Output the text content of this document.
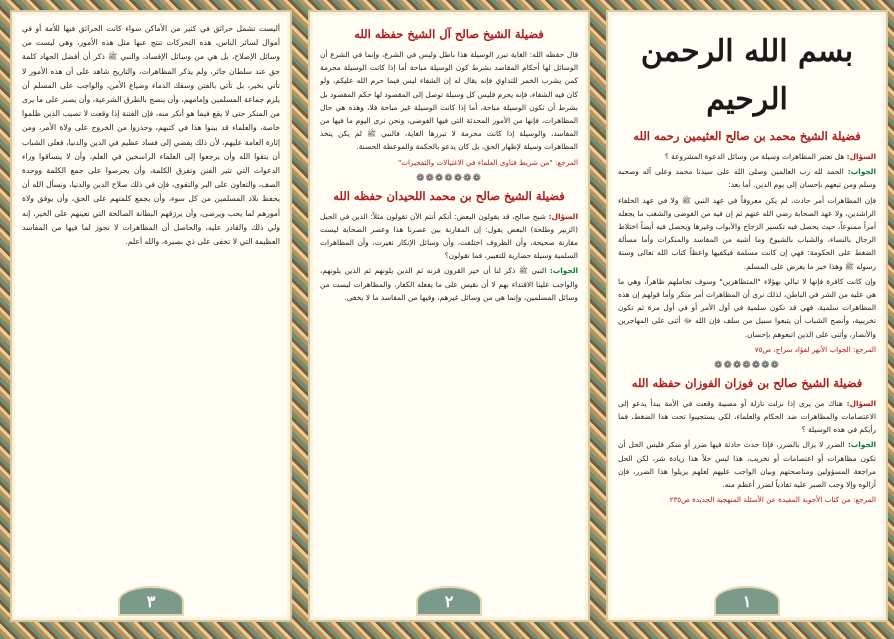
بسم الله الرحمن الرحيم
فضيلة الشيخ محمد بن صالح العثيمين رحمه الله

السؤال: هل تعتبر المظاهرات وسيلة من وسائل الدعوة المشروعة ؟

الجواب: الحمد لله رب العالمين وصلى الله على سيدنا محمد وعلى آله وصحبه وسلم ومن تبعهم بإحسان إلى يوم الدين. أما بعد:

فإن المظاهرات أمر حادث، لم يكن معروفاً في عهد النبي ﷺ ولا في عهد الخلفاء الراشدين، ولا عهد الصحابة رضي الله عنهم ثم إن فيه من الفوضى والشغب ما يجعله أمراً ممنوعاً، حيث يحصل فيه تكسير الزجاج والأبواب وغيرها ويحصل فيه أيضاً اختلاط الرجال بالنساء، والشباب بالشيوخ وما أشبه من المفاسد والمنكرات وأما مسألة الضغط على الحكومة: فهي إن كانت مسلمة فيكفيها واعظاً كتاب الله تعالى وسنة رسوله ﷺ وهذا خير ما يعرض على المسلم.

وإن كانت كافرة فإنها لا تبالي بهؤلاء "المتظاهرين" وسوف تجاملهم ظاهراً، وهي ما هي عليه من الشر في الباطن، لذلك نرى أن المظاهرات أمر منكر وأما قولهم إن هذه المظاهرات سلمية، فهي قد تكون سلمية في أول الأمر أو في أول مرة ثم تكون تخريبية، وأنصح الشباب أن يتبعوا سبيل من سلف فإن الله ﷻ أثنى على المهاجرين والأنصار، وأثنى على الذين اتبعوهم بإحسان.

المرجع: الجواب الأبهر لفؤاد سراج، ص٧٥
❁❁❁❁❁❁❁
فضيلة الشيخ صالح بن فوزان الفوزان حفظه الله

السؤال: هناك من يرى إذا نزلت نازلة أو مصيبة وقعت في الأمة يبدأ يدعو إلى الاعتصامات والمظاهرات ضد الحكام والعلماء، لكي يستجيبوا تحت هذا الضغط، فما رأيكم في هذه الوسيلة ؟

الجواب: الضرر لا يزال بالضرر، فإذا حدث حادثة فيها ضرر أو منكر فليس الحل أن تكون مظاهرات أو اعتصامات أو تخريب، هذا ليس حلاً هذا زيادة شر، لكن الحل مراجعة المسؤولين ومناصحتهم وبيان الواجب عليهم لعلهم يزيلوا هذا الضرر، فإن أزالوه وإلا وجب الصبر عليه تفادياً لضرر أعظم منه.

المرجع: من كتاب الأجوبة المفيدة عن الأسئلة المنهجية الجديدة ص٢٣٥
١
فضيلة الشيخ صالح آل الشيخ حفظه الله

قال حفظه الله: الغاية تبرر الوسيلة هذا باطل وليس في الشرع، وإنما في الشرع أن الوسائل لها أحكام المقاصد بشرط كون الوسيلة مباحة أما إذا كانت الوسيلة محرمة كمن يشرب الخمر للتداوي فإنه يقال له إن الشفاء ليس فيما حرم الله عليكم، ولو كان فيه الشفاء، فإنه يحرم فليس كل وسيلة توصل إلى المقصود لها حكم المقصود بل بشرط أن تكون الوسيلة مباحة، أما إذا كانت الوسيلة غير مباحة فلا، وهذه هي حال المظاهرات، فإنها من الأمور المحدثة التي فيها الفوضى، ونحن نرى اليوم ما فيها من المفاسد، والوسيلة إذا كانت محرمة لا تبررها الغاية، فالنبي ﷺ لم يكن يتخذ المظاهرات وسيلة لإظهار الحق، بل كان يدعو بالحكمة والموعظة الحسنة.

المرجع: "من شريط فتاوى العلماء في الاغتيالات والتفجيرات"
❁❁❁❁❁❁❁
فضيلة الشيخ صالح بن محمد اللحيدان حفظه الله

السؤال: شيخ صالح، قد يقولون البعض: أنكم أنتم الآن تقولون مثلاً: الذين في الجبل (الزبير وطلحة) البعض يقول: إن المقارنة بين عصرنا هذا وعصر الصحابة ليست مقارنة صحيحة، وأن الظروف اختلفت، وأن وسائل الإنكار تغيرت، وأن المظاهرات السلمية وسيلة حضارية للتعبير، فما تقولون؟

الجواب: النبي ﷺ ذكر لنا أن خير القرون قرنه ثم الذين يلونهم ثم الذين يلونهم، والواجب علينا الاقتداء بهم لا أن نقيس على ما يفعله الكفار، والمظاهرات ليست من وسائل المسلمين، وإنما هي من وسائل غيرهم، وفيها من المفاسد ما لا يخفى.

٢

أليست تشمل حرائق في كثير من الأماكن سواء كانت الحرائق فيها للأمة أو في أموال لسائر الناس، هذه التحركات تنتج عنها مثل هذه الأمور، وهي ليست من وسائل الإصلاح، بل هي من وسائل الإفساد، والنبي ﷺ ذكر أن أفضل الجهاد كلمة حق عند سلطان جائر، ولم يذكر المظاهرات، والتاريخ شاهد على أن هذه الأمور لا تأتي بخير، بل تأتي بالفتن وسفك الدماء وضياع الأمن، والواجب على المسلم أن يلزم جماعة المسلمين وإمامهم، وأن ينصح بالطرق الشرعية، وأن يصبر على ما يرى من المنكر حتى لا يقع فيما هو أنكر منه، فإن الفتنة إذا وقعت لا تصيب الذين ظلموا خاصة، والعلماء قد بينوا هذا في كتبهم، وحذروا من الخروج على ولاة الأمر، ومن إثارة العامة عليهم، لأن ذلك يفضي إلى فساد عظيم في الدين والدنيا، فعلى الشباب أن يتقوا الله وأن يرجعوا إلى العلماء الراسخين في العلم، وأن لا ينساقوا وراء الدعوات التي تثير الفتن وتفرق الكلمة، وأن يحرصوا على جمع الكلمة ووحدة الصف، والتعاون على البر والتقوى، فإن في ذلك صلاح الدين والدنيا، ونسأل الله أن يحفظ بلاد المسلمين من كل سوء، وأن يجمع كلمتهم على الحق، وأن يوفق ولاة أمورهم لما يحب ويرضى، وأن يرزقهم البطانة الصالحة التي تعينهم على الخير، إنه ولي ذلك والقادر عليه، والحاصل أن المظاهرات لا تجوز لما فيها من المفاسد العظيمة التي لا تخفى على ذي بصيرة، والله أعلم.

٣
